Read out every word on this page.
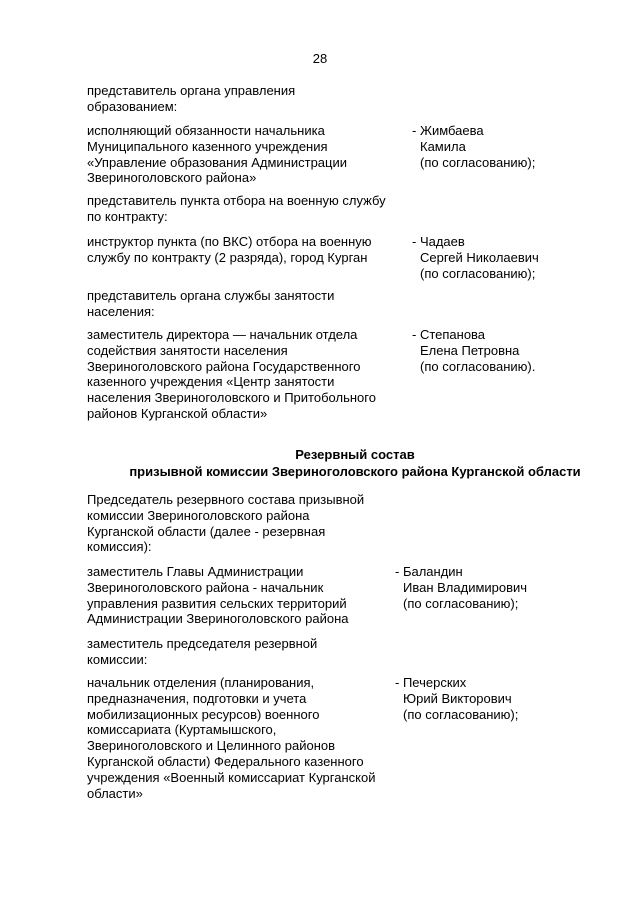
28
представитель органа управления
образованием:
исполняющий обязанности начальника
Муниципального казенного учреждения
«Управление образования Администрации
Звериноголовского района»
- Жимбаева
Камила
(по согласованию);
представитель пункта отбора на военную службу
по контракту:
инструктор пункта (по ВКС) отбора на военную
службу по контракту (2 разряда), город Курган
- Чадаев
Сергей Николаевич
(по согласованию);
представитель органа службы занятости
населения:
заместитель директора — начальник отдела
содействия занятости населения
Звериноголовского района Государственного
казенного учреждения «Центр занятости
населения Звериноголовского и Притобольного
районов Курганской области»
- Степанова
Елена Петровна
(по согласованию).
Резервный состав
призывной комиссии Звериноголовского района Курганской области
Председатель резервного состава призывной
комиссии Звериноголовского района
Курганской области (далее - резервная
комиссия):
заместитель Главы Администрации
Звериноголовского района - начальник
управления развития сельских территорий
Администрации Звериноголовского района
- Баландин
Иван Владимирович
(по согласованию);
заместитель председателя резервной
комиссии:
начальник отделения (планирования,
предназначения, подготовки и учета
мобилизационных ресурсов) военного
комиссариата (Куртамышского,
Звериноголовского и Целинного районов
Курганской области) Федерального казенного
учреждения «Военный комиссариат Курганской
области»
- Печерских
Юрий Викторович
(по согласованию);
